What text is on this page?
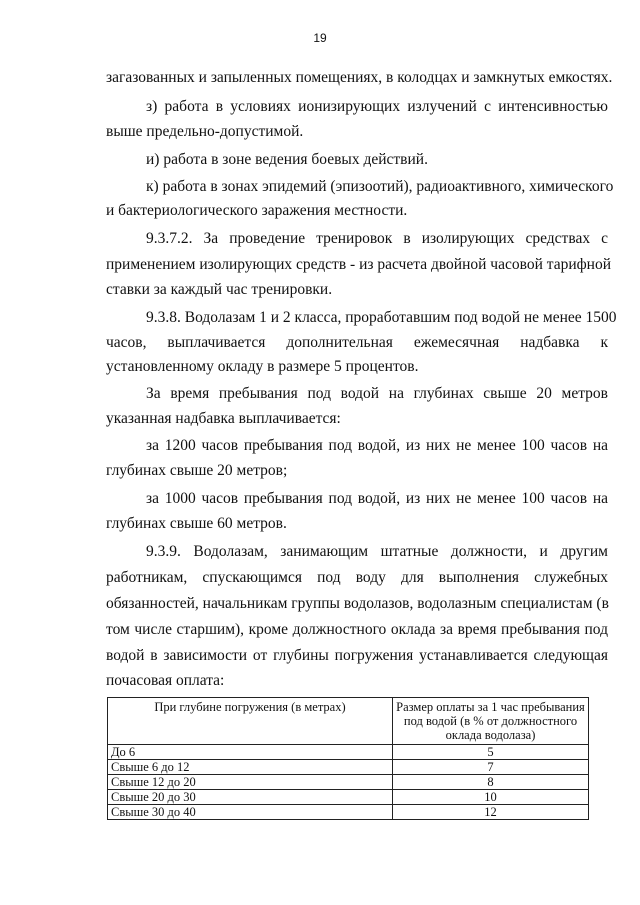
19
загазованных и запыленных помещениях, в колодцах и замкнутых емкостях.
з) работа в условиях ионизирующих излучений с интенсивностью
выше предельно-допустимой.
и) работа в зоне ведения боевых действий.
к) работа в зонах эпидемий (эпизоотий), радиоактивного, химического
и бактериологического заражения местности.
9.3.7.2. За проведение тренировок в изолирующих средствах с
применением изолирующих средств - из расчета двойной часовой тарифной
ставки за каждый час тренировки.
9.3.8. Водолазам 1 и 2 класса, проработавшим под водой не менее 1500
часов, выплачивается дополнительная ежемесячная надбавка к
установленному окладу в размере 5 процентов.
За время пребывания под водой на глубинах свыше 20 метров
указанная надбавка выплачивается:
за 1200 часов пребывания под водой, из них не менее 100 часов на
глубинах свыше 20 метров;
за 1000 часов пребывания под водой, из них не менее 100 часов на
глубинах свыше 60 метров.
9.3.9. Водолазам, занимающим штатные должности, и другим
работникам, спускающимся под воду для выполнения служебных
обязанностей, начальникам группы водолазов, водолазным специалистам (в
том числе старшим), кроме должностного оклада за время пребывания под
водой в зависимости от глубины погружения устанавливается следующая
почасовая оплата:
При глубине погружения (в метрах)	Размер оплаты за 1 час пребывания под водой (в % от должностного оклада водолаза)
До 6	5
Свыше 6 до 12	7
Свыше 12 до 20	8
Свыше 20 до 30	10
Свыше 30 до 40	12
